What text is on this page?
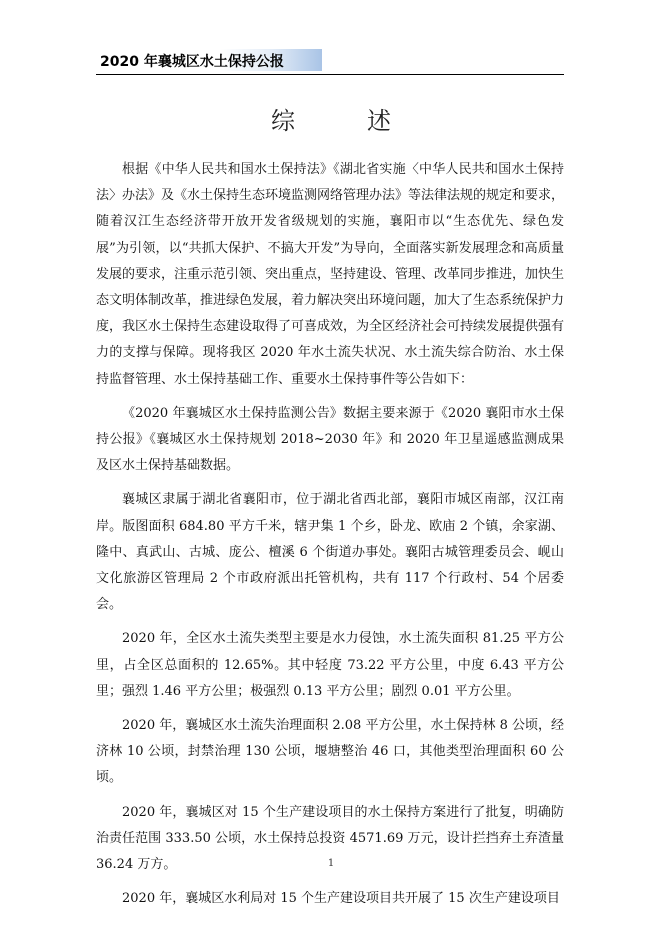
2020 年襄城区水土保持公报
综　述

根据《中华人民共和国水土保持法》《湖北省实施〈中华人民共和国水土保持法〉办法》及《水土保持生态环境监测网络管理办法》等法律法规的规定和要求，随着汉江生态经济带开放开发省级规划的实施，襄阳市以“生态优先、绿色发展”为引领，以“共抓大保护、不搞大开发”为导向，全面落实新发展理念和高质量发展的要求，注重示范引领、突出重点，坚持建设、管理、改革同步推进，加快生态文明体制改革，推进绿色发展，着力解决突出环境问题，加大了生态系统保护力度，我区水土保持生态建设取得了可喜成效，为全区经济社会可持续发展提供强有力的支撑与保障。现将我区 2020 年水土流失状况、水土流失综合防治、水土保持监督管理、水土保持基础工作、重要水土保持事件等公告如下：

《2020 年襄城区水土保持监测公告》数据主要来源于《2020 襄阳市水土保持公报》《襄城区水土保持规划 2018~2030 年》和 2020 年卫星遥感监测成果及区水土保持基础数据。

襄城区隶属于湖北省襄阳市，位于湖北省西北部，襄阳市城区南部，汉江南岸。版图面积 684.80 平方千米，辖尹集 1 个乡，卧龙、欧庙 2 个镇，余家湖、隆中、真武山、古城、庞公、檀溪 6 个街道办事处。襄阳古城管理委员会、岘山文化旅游区管理局 2 个市政府派出托管机构，共有 117 个行政村、54 个居委会。

2020 年，全区水土流失类型主要是水力侵蚀，水土流失面积 81.25 平方公里，占全区总面积的 12.65%。其中轻度 73.22 平方公里，中度 6.43 平方公里；强烈 1.46 平方公里；极强烈 0.13 平方公里；剧烈 0.01 平方公里。

2020 年，襄城区水土流失治理面积 2.08 平方公里，水土保持林 8 公顷，经济林 10 公顷，封禁治理 130 公顷，堰塘整治 46 口，其他类型治理面积 60 公顷。

2020 年，襄城区对 15 个生产建设项目的水土保持方案进行了批复，明确防治责任范围 333.50 公顷，水土保持总投资 4571.69 万元，设计拦挡弃土弃渣量 36.24 万方。

2020 年，襄城区水利局对 15 个生产建设项目共开展了 15 次生产建设项目

1
